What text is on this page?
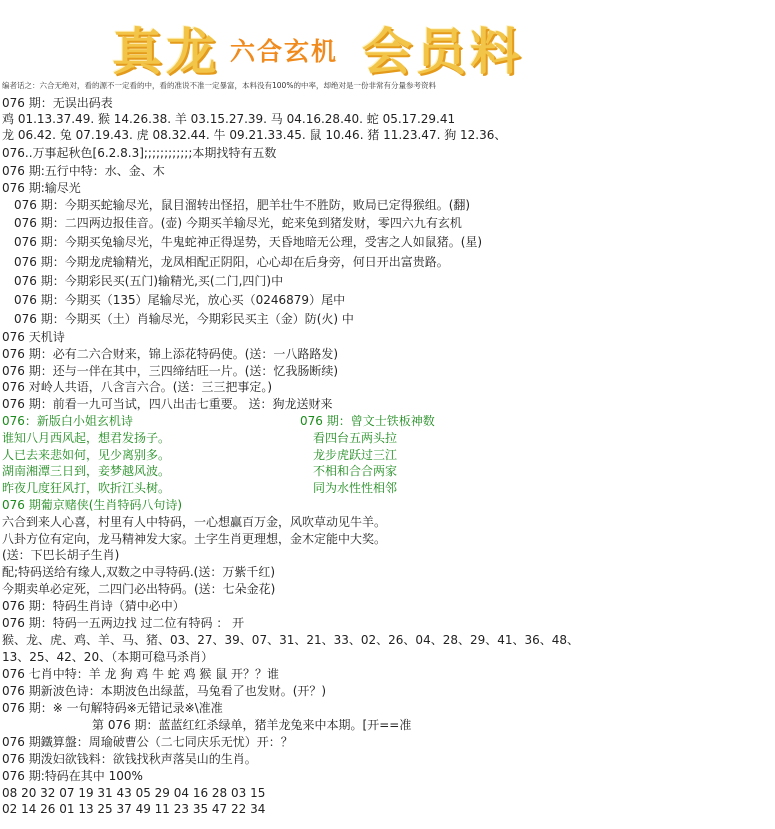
真龙 六合玄机 会员料
编者话之：六合无绝对，看的源不一定看的中，看的准说不准一定暴富，本料没有100%的中率，却绝对是一份非常有分量参考资料
076 期：无误出码表
鸡 01.13.37.49. 猴 14.26.38. 羊 03.15.27.39. 马 04.16.28.40. 蛇 05.17.29.41
龙 06.42. 兔 07.19.43. 虎 08.32.44. 牛 09.21.33.45. 鼠 10.46. 猪 11.23.47. 狗 12.36、
076..万事起秋色[6.2.8.3];;;;;;;;;;;;本期找特有五数
076 期:五行中特：水、金、木
076 期:输尽光
076 期：今期买蛇输尽光，鼠目溜转出怪招，肥羊壮牛不胜防，败局已定得猴组。(翻)
076 期：二四两边报佳音。(壶) 今期买羊输尽光，蛇来兔到猪发财，零四六九有玄机
076 期：今期买兔输尽光，牛鬼蛇神正得逞势，天昏地暗无公理，受害之人如鼠猪。(星)
076 期：今期龙虎输精光，龙凤相配正阴阳，心心却在后身旁，何日开出富贵路。
076 期：今期彩民买(五门)输精光,买(二门,四门)中
076 期：今期买（135）尾输尽光，放心买（0246879）尾中
076 期：今期买（土）肖输尽光，今期彩民买主（金）防(火) 中
076 天机诗
076 期：必有二六合财来，锦上添花特码使。(送：一八路路发)
076 期：还与一伴在其中，三四缔结旺一片。(送：忆我肠断续)
076 对岭人共语，八含言六合。(送：三三把事定。)
076 期：前看一九可当试，四八出击七重要。 送：狗龙送财来
076：新版白小姐玄机诗
谁知八月西风起，想君发扬子。
人已去来悲如何，见少离别多。
湖南湘潭三日到，妾梦越风波。
昨夜几度狂风打，吹折江头树。
076 期：曾文士铁板神数
看四台五两头拉
龙步虎跃过三江
不相和合合两家
同为水性性相邻
076 期葡京赌侠(生肖特码八句诗)
六合到来人心喜，村里有人中特码，一心想赢百万金，风吹草动见牛羊。
八卦方位有定向，龙马精神发大家。土字生肖更理想，金木定能中大奖。
(送：下巴长胡子生肖)
配;特码送给有缘人,双数之中寻特码.(送：万紫千红)
今期卖单必定死，二四门必出特码。(送：七朵金花)
076 期：特码生肖诗（猜中必中）
076 期：特码一五两边找 过二位有特码 ： 开
猴、龙、虎、鸡、羊、马、猪、03、27、39、07、31、21、33、02、26、04、28、29、41、36、48、
13、25、42、20、（本期可稳马杀肖）
076 七肖中特：羊 龙 狗 鸡 牛 蛇 鸡 猴 鼠 开？？谁
076 期新波色诗：本期波色出绿蓝，马兔看了也发财。(开？)
076 期：※ 一句解特码※无错记录※\准准
第 076 期：蓝蓝红红杀绿单，猪羊龙兔来中本期。[开==准
076 期鐵算盤：周瑜破曹公（二七同庆乐无忧）开：？
076 期泼妇欲钱料：欲钱找秋声落吴山的生肖。
076 期:特码在其中 100%
08 20 32 07 19 31 43 05 29 04 16 28 03 15
02 14 26 01 13 25 37 49 11 23 35 47 22 34
